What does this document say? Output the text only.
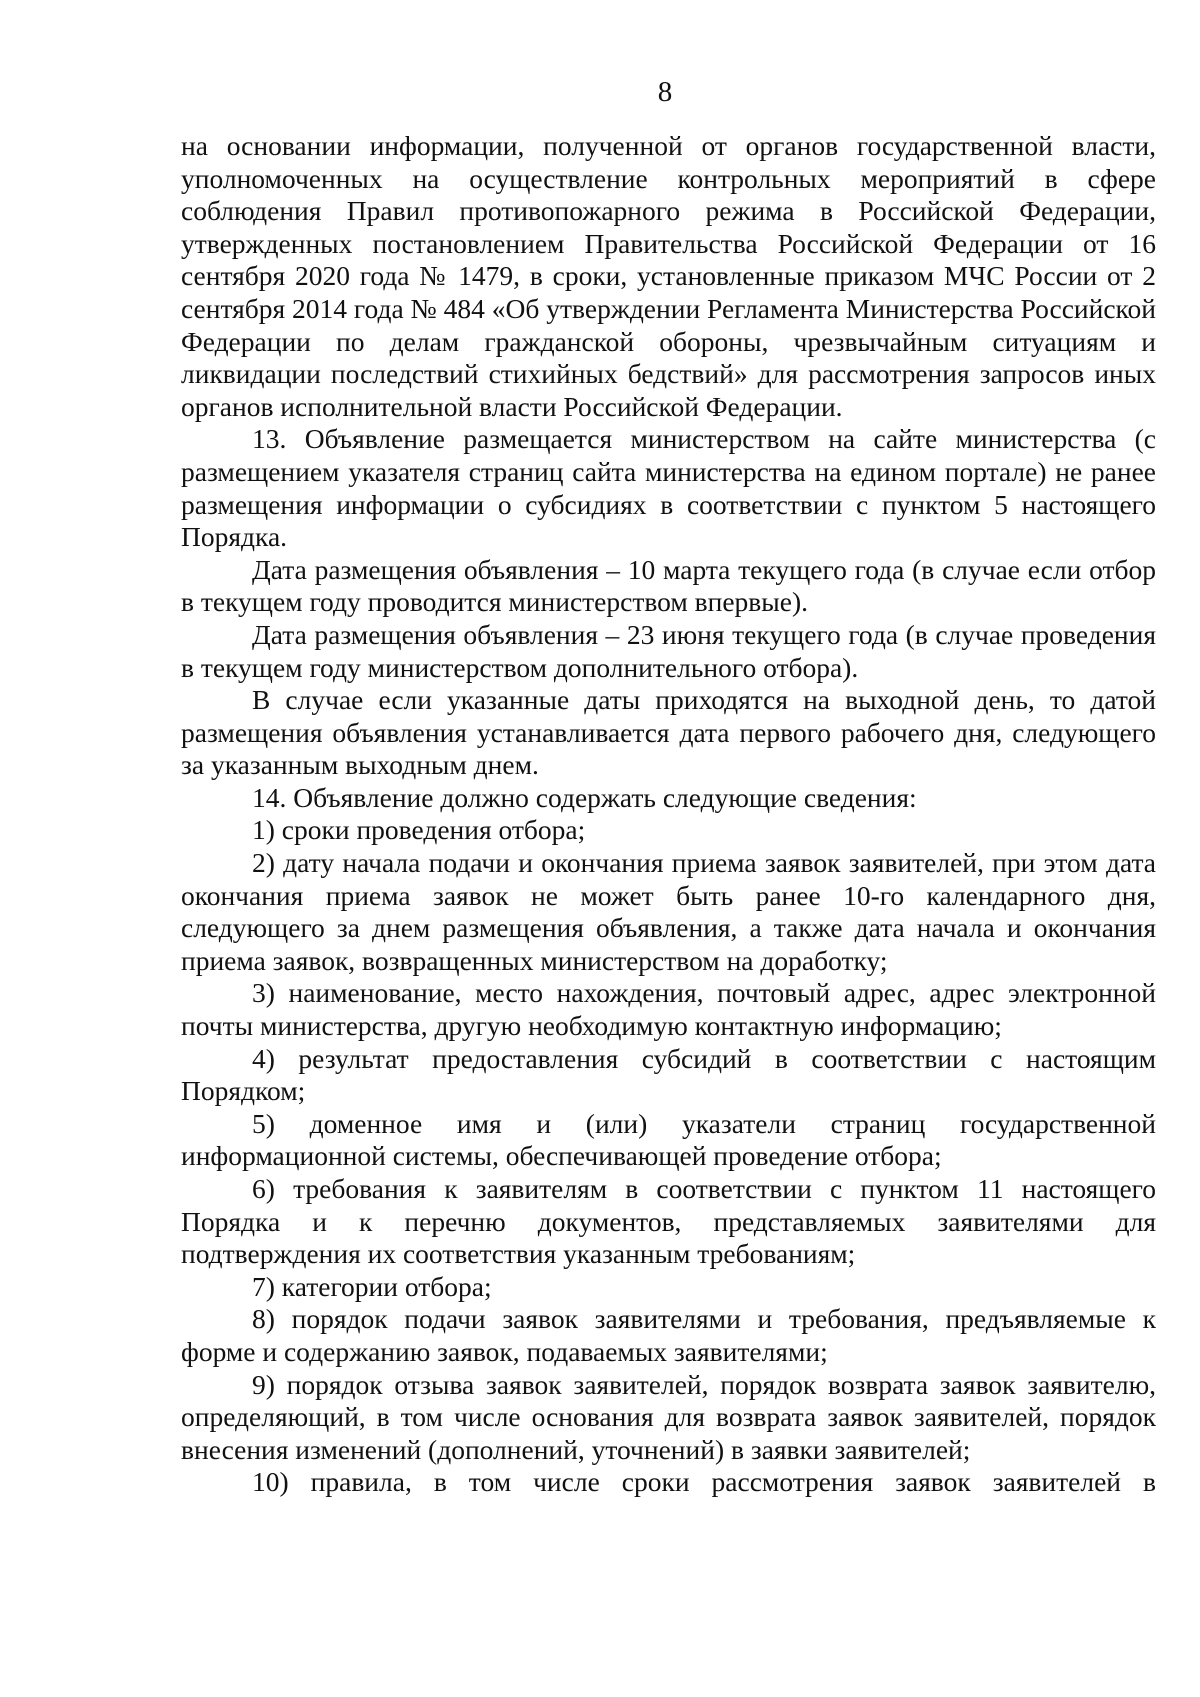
8

на основании информации, полученной от органов государственной власти, уполномоченных на осуществление контрольных мероприятий в сфере соблюдения Правил противопожарного режима в Российской Федерации, утвержденных постановлением Правительства Российской Федерации от 16 сентября 2020 года № 1479, в сроки, установленные приказом МЧС России от 2 сентября 2014 года № 484 «Об утверждении Регламента Министерства Российской Федерации по делам гражданской обороны, чрезвычайным ситуациям и ликвидации последствий стихийных бедствий» для рассмотрения запросов иных органов исполнительной власти Российской Федерации.

13. Объявление размещается министерством на сайте министерства (с размещением указателя страниц сайта министерства на едином портале) не ранее размещения информации о субсидиях в соответствии с пунктом 5 настоящего Порядка.

Дата размещения объявления – 10 марта текущего года (в случае если отбор в текущем году проводится министерством впервые).

Дата размещения объявления – 23 июня текущего года (в случае проведения в текущем году министерством дополнительного отбора).

В случае если указанные даты приходятся на выходной день, то датой размещения объявления устанавливается дата первого рабочего дня, следующего за указанным выходным днем.

14. Объявление должно содержать следующие сведения:

1) сроки проведения отбора;

2) дату начала подачи и окончания приема заявок заявителей, при этом дата окончания приема заявок не может быть ранее 10-го календарного дня, следующего за днем размещения объявления, а также дата начала и окончания приема заявок, возвращенных министерством на доработку;

3) наименование, место нахождения, почтовый адрес, адрес электронной почты министерства, другую необходимую контактную информацию;

4) результат предоставления субсидий в соответствии с настоящим Порядком;

5) доменное имя и (или) указатели страниц государственной информационной системы, обеспечивающей проведение отбора;

6) требования к заявителям в соответствии с пунктом 11 настоящего Порядка и к перечню документов, представляемых заявителями для подтверждения их соответствия указанным требованиям;

7) категории отбора;

8) порядок подачи заявок заявителями и требования, предъявляемые к форме и содержанию заявок, подаваемых заявителями;

9) порядок отзыва заявок заявителей, порядок возврата заявок заявителю, определяющий, в том числе основания для возврата заявок заявителей, порядок внесения изменений (дополнений, уточнений) в заявки заявителей;

10) правила, в том числе сроки рассмотрения заявок заявителей в
